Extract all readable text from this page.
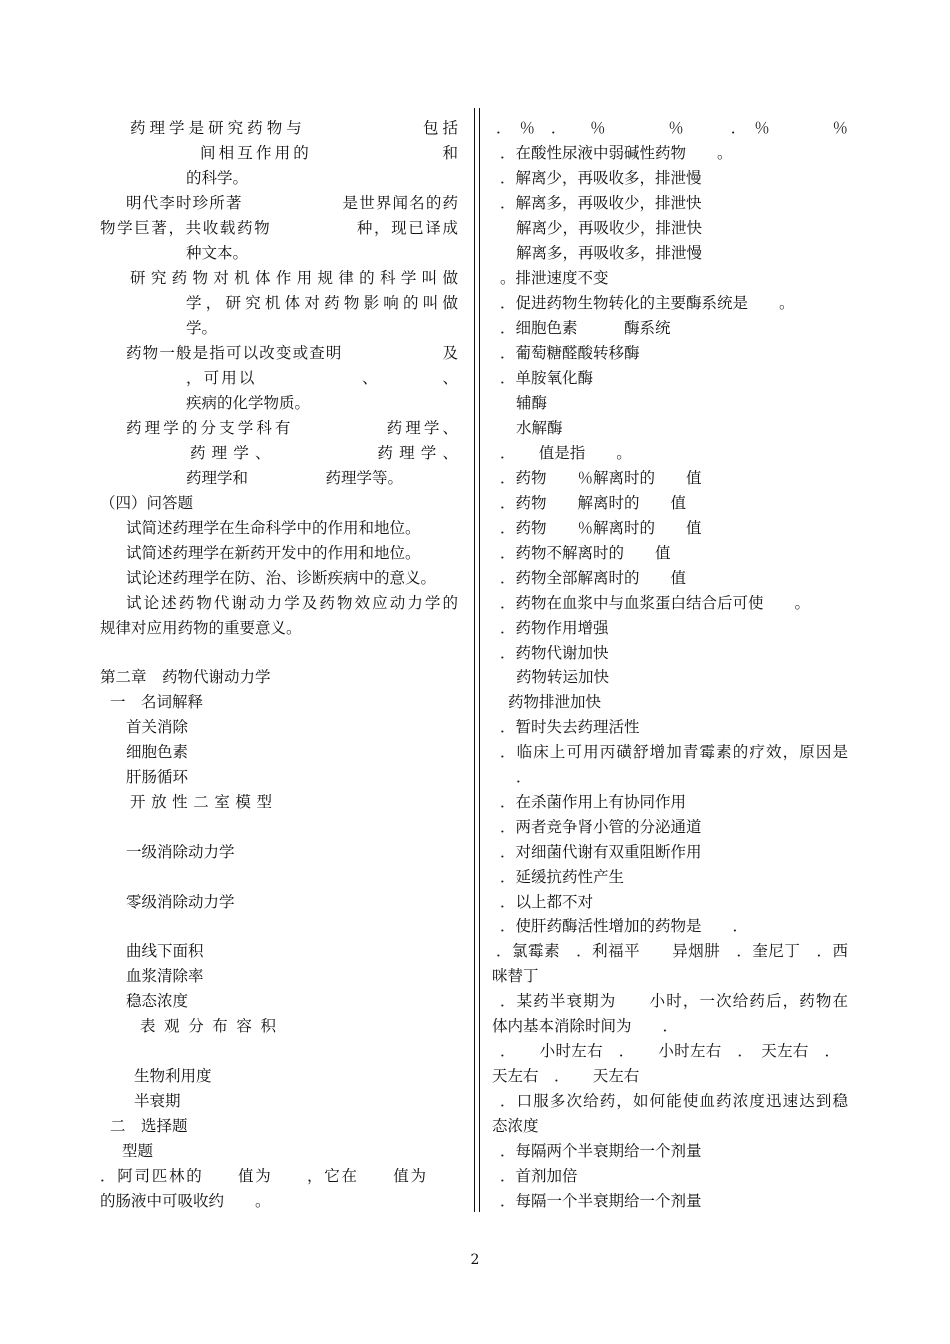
药理学是研究药物与　　　　　　包括
间相互作用的　　　　　　　和
的科学。
明代李时珍所著　　　　　　是世界闻名的药
物学巨著，共收载药物　　　　　种，现已译成
种文本。
研究药物对机体作用规律的科学叫做
学，研究机体对药物影响的叫做
学。
药物一般是指可以改变或查明　　　　　　及
，可用以　　　　　　、　　　　、
疾病的化学物质。
药理学的分支学科有　　　　　药理学、
药理学、　　　　　药理学、
药理学和　　　　　药理学等。
（四）问答题
试简述药理学在生命科学中的作用和地位。
试简述药理学在新药开发中的作用和地位。
试论述药理学在防、治、诊断疾病中的意义。
试论述药物代谢动力学及药物效应动力学的
规律对应用药物的重要意义。
第二章　药物代谢动力学
一　名词解释
首关消除
细胞色素
肝肠循环
开放性二室模型
一级消除动力学
零级消除动力学
曲线下面积
血浆清除率
稳态浓度
表观分布容积
生物利用度
半衰期
二　选择题
型题
．阿司匹林的　　值为　　，它在　　值为
的肠液中可吸收约　　。
．　％　．　　％　　　　％　　　．　％　　　　％
．在酸性尿液中弱碱性药物　　。
．解离少，再吸收多，排泄慢
．解离多，再吸收少，排泄快
解离少，再吸收少，排泄快
解离多，再吸收多，排泄慢
。排泄速度不变
．促进药物生物转化的主要酶系统是　　。
．细胞色素　　　酶系统
．葡萄糖醛酸转移酶
．单胺氧化酶
辅酶
水解酶
．　　值是指　　。
．药物　　％解离时的　　值
．药物　　解离时的　　值
．药物　　％解离时的　　值
．药物不解离时的　　值
．药物全部解离时的　　值
．药物在血浆中与血浆蛋白结合后可使　　。
．药物作用增强
．药物代谢加快
药物转运加快
药物排泄加快
．暂时失去药理活性
．临床上可用丙磺舒增加青霉素的疗效，原因是
．
．在杀菌作用上有协同作用
．两者竞争肾小管的分泌通道
．对细菌代谢有双重阻断作用
．延缓抗药性产生
．以上都不对
．使肝药酶活性增加的药物是　　．
．氯霉素　．利福平　　异烟肼　．奎尼丁　．西
咪替丁
．某药半衰期为　　小时，一次给药后，药物在
体内基本消除时间为　　．
．　　小时左右　．　　小时左右　．　天左右　．
天左右　．　　天左右
．口服多次给药，如何能使血药浓度迅速达到稳
态浓度
．每隔两个半衰期给一个剂量
．首剂加倍
．每隔一个半衰期给一个剂量
2
